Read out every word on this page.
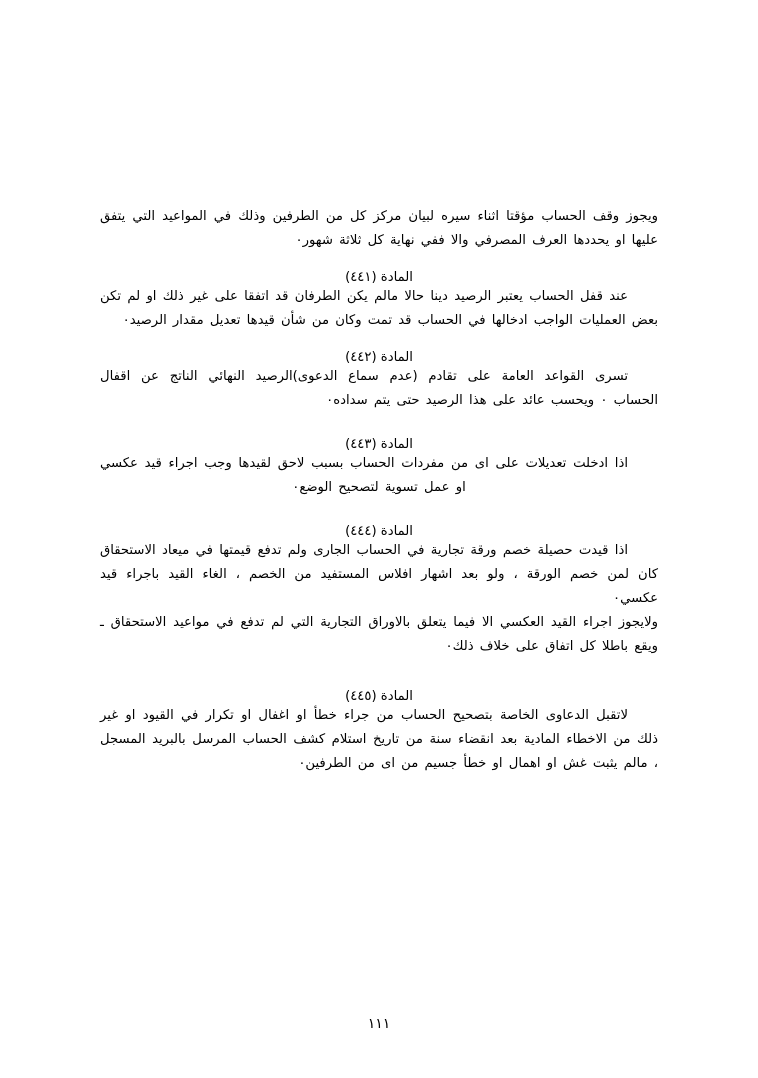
ويجوز وقف الحساب مؤقتا اثناء سيره لبيان مركز كل من الطرفين وذلك في المواعيد التي يتفق عليها او يحددها العرف المصرفي والا ففي نهاية كل ثلاثة شهور٠

المادة (٤٤١)

عند قفل الحساب يعتبر الرصيد دينا حالا مالم يكن الطرفان قد اتفقا على غير ذلك او لم تكن بعض العمليات الواجب ادخالها في الحساب قد تمت وكان من شأن قيدها تعديل مقدار الرصيد٠

المادة (٤٤٢)

تسرى القواعد العامة على تقادم (عدم سماع الدعوى)الرصيد النهائي الناتج عن اقفال الحساب ٠ ويحسب عائد على هذا الرصيد حتى يتم سداده٠

المادة (٤٤٣)

اذا ادخلت تعديلات على اى من مفردات الحساب بسبب لاحق لقيدها وجب اجراء قيد عكسي او عمل تسوية لتصحيح الوضع٠

المادة (٤٤٤)

اذا قيدت حصيلة خصم ورقة تجارية في الحساب الجارى ولم تدفع قيمتها في ميعاد الاستحقاق كان لمن خصم الورقة ، ولو بعد اشهار افلاس المستفيد من الخصم ، الغاء القيد باجراء قيد عكسي٠

ولايجوز اجراء القيد العكسي الا فيما يتعلق بالاوراق التجارية التي لم تدفع في مواعيد الاستحقاق ـ ويقع باطلا كل اتفاق على خلاف ذلك٠

المادة (٤٤٥)

لاتقبل الدعاوى الخاصة بتصحيح الحساب من جراء خطأ او اغفال او تكرار في القيود او غير ذلك من الاخطاء المادية بعد انقضاء سنة من تاريخ استلام كشف الحساب المرسل بالبريد المسجل ، مالم يثبت غش او اهمال او خطأ جسيم من اى من الطرفين٠

١١١
